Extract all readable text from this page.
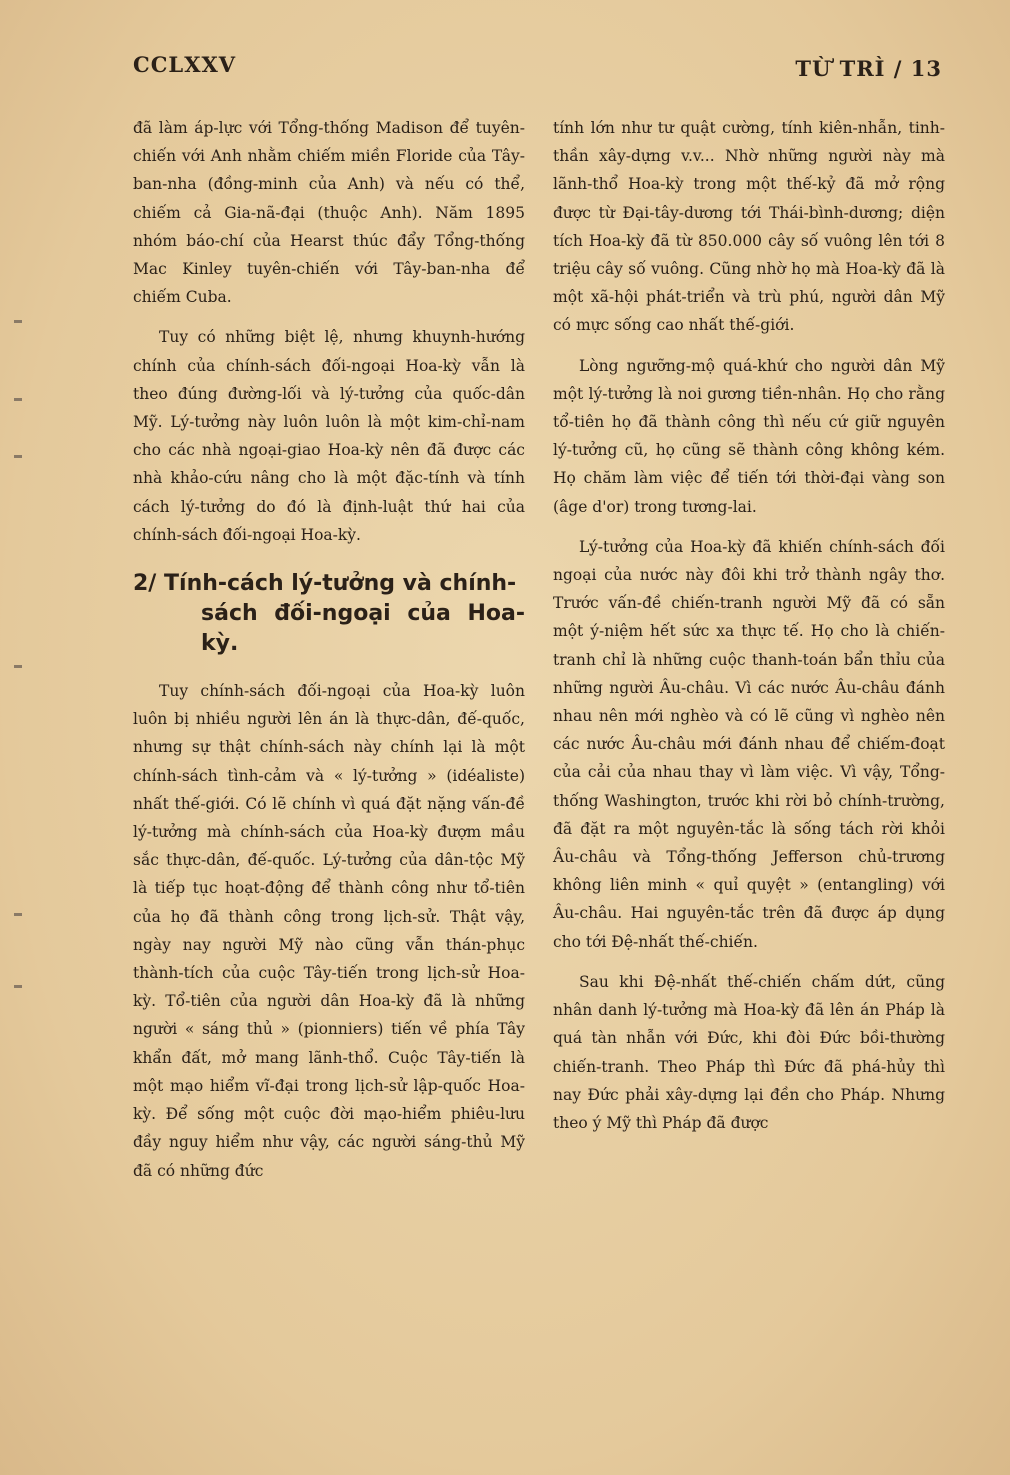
CCLXXV	TỪ TRÌ / 13

đã làm áp-lực với Tổng-thống Madison để tuyên-chiến với Anh nhằm chiếm miền Floride của Tây-ban-nha (đồng-minh của Anh) và nếu có thể, chiếm cả Gia-nã-đại (thuộc Anh). Năm 1895 nhóm báo-chí của Hearst thúc đẩy Tổng-thống Mac Kinley tuyên-chiến với Tây-ban-nha để chiếm Cuba.

Tuy có những biệt lệ, nhưng khuynh-hướng chính của chính-sách đối-ngoại Hoa-kỳ vẫn là theo đúng đường-lối và lý-tưởng của quốc-dân Mỹ. Lý-tưởng này luôn luôn là một kim-chỉ-nam cho các nhà ngoại-giao Hoa-kỳ nên đã được các nhà khảo-cứu nâng cho là một đặc-tính và tính cách lý-tưởng do đó là định-luật thứ hai của chính-sách đối-ngoại Hoa-kỳ.

2/ Tính-cách lý-tưởng và chính-
sách đối-ngoại của Hoa-kỳ.

Tuy chính-sách đối-ngoại của Hoa-kỳ luôn luôn bị nhiều người lên án là thực-dân, đế-quốc, nhưng sự thật chính-sách này chính lại là một chính-sách tình-cảm và « lý-tưởng » (idéaliste) nhất thế-giới. Có lẽ chính vì quá đặt nặng vấn-đề lý-tưởng mà chính-sách của Hoa-kỳ đượm mầu sắc thực-dân, đế-quốc. Lý-tưởng của dân-tộc Mỹ là tiếp tục hoạt-động để thành công như tổ-tiên của họ đã thành công trong lịch-sử. Thật vậy, ngày nay người Mỹ nào cũng vẫn thán-phục thành-tích của cuộc Tây-tiến trong lịch-sử Hoa-kỳ. Tổ-tiên của người dân Hoa-kỳ đã là những người « sáng thủ » (pionniers) tiến về phía Tây khẩn đất, mở mang lãnh-thổ. Cuộc Tây-tiến là một mạo hiểm vĩ-đại trong lịch-sử lập-quốc Hoa-kỳ. Để sống một cuộc đời mạo-hiểm phiêu-lưu đầy nguy hiểm như vậy, các người sáng-thủ Mỹ đã có những đức

tính lớn như tư quật cường, tính kiên-nhẫn, tinh-thần xây-dựng v.v... Nhờ những người này mà lãnh-thổ Hoa-kỳ trong một thế-kỷ đã mở rộng được từ Đại-tây-dương tới Thái-bình-dương; diện tích Hoa-kỳ đã từ 850.000 cây số vuông lên tới 8 triệu cây số vuông. Cũng nhờ họ mà Hoa-kỳ đã là một xã-hội phát-triển và trù phú, người dân Mỹ có mực sống cao nhất thế-giới.

Lòng ngưỡng-mộ quá-khứ cho người dân Mỹ một lý-tưởng là noi gương tiền-nhân. Họ cho rằng tổ-tiên họ đã thành công thì nếu cứ giữ nguyên lý-tưởng cũ, họ cũng sẽ thành công không kém. Họ chăm làm việc để tiến tới thời-đại vàng son (âge d'or) trong tương-lai.

Lý-tưởng của Hoa-kỳ đã khiến chính-sách đối ngoại của nước này đôi khi trở thành ngây thơ. Trước vấn-đề chiến-tranh người Mỹ đã có sẵn một ý-niệm hết sức xa thực tế. Họ cho là chiến-tranh chỉ là những cuộc thanh-toán bẩn thỉu của những người Âu-châu. Vì các nước Âu-châu đánh nhau nên mới nghèo và có lẽ cũng vì nghèo nên các nước Âu-châu mới đánh nhau để chiếm-đoạt của cải của nhau thay vì làm việc. Vì vậy, Tổng-thống Washington, trước khi rời bỏ chính-trường, đã đặt ra một nguyên-tắc là sống tách rời khỏi Âu-châu và Tổng-thống Jefferson chủ-trương không liên minh « quỉ quyệt » (entangling) với Âu-châu. Hai nguyên-tắc trên đã được áp dụng cho tới Đệ-nhất thế-chiến.

Sau khi Đệ-nhất thế-chiến chấm dứt, cũng nhân danh lý-tưởng mà Hoa-kỳ đã lên án Pháp là quá tàn nhẫn với Đức, khi đòi Đức bồi-thường chiến-tranh. Theo Pháp thì Đức đã phá-hủy thì nay Đức phải xây-dựng lại đền cho Pháp. Nhưng theo ý Mỹ thì Pháp đã được
